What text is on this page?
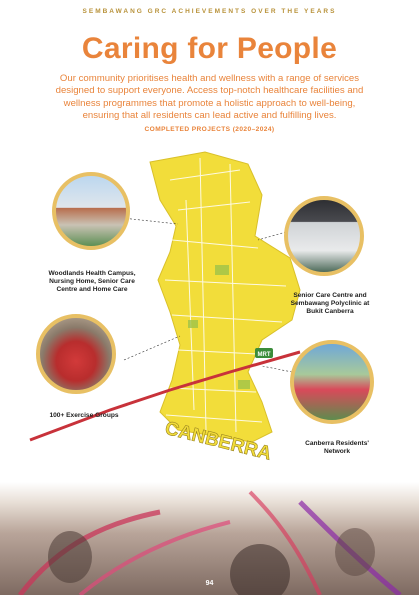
SEMBAWANG GRC ACHIEVEMENTS OVER THE YEARS
Caring for People
Our community prioritises health and wellness with a range of services designed to support everyone. Access top-notch healthcare facilities and wellness programmes that promote a holistic approach to well-being, ensuring that all residents can lead active and fulfilling lives.
COMPLETED PROJECTS (2020–2024)
MRT
CANBERRA
Woodlands Health Campus, Nursing Home, Senior Care Centre and Home Care
Senior Care Centre and Sembawang Polyclinic at Bukit Canberra
100+ Exercise Groups
Canberra Residents' Network
94
